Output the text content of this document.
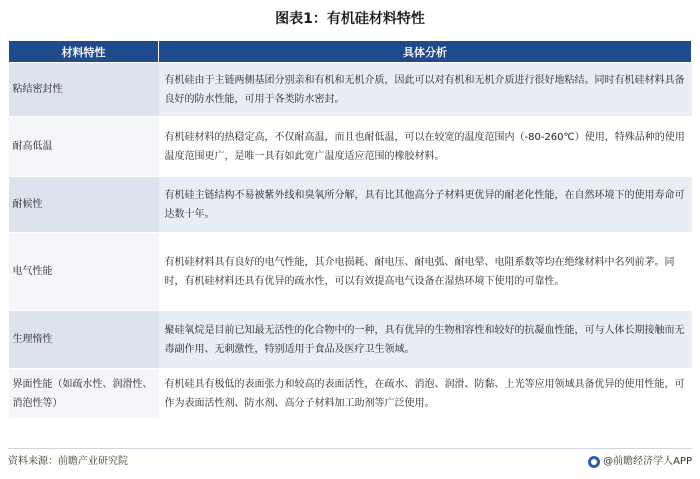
图表1：有机硅材料特性
材料特性	具体分析
粘结密封性	有机硅由于主链两侧基团分别亲和有机和无机介质，因此可以对有机和无机介质进行很好地粘结。同时有机硅材料具备良好的防水性能，可用于各类防水密封。
耐高低温	有机硅材料的热稳定高，不仅耐高温，而且也耐低温，可以在较宽的温度范围内（-80-260℃）使用，特殊品种的使用温度范围更广，是唯一具有如此宽广温度适应范围的橡胶材料。
耐候性	有机硅主链结构不易被紫外线和臭氧所分解，具有比其他高分子材料更优异的耐老化性能，在自然环境下的使用寿命可达数十年。
电气性能	有机硅材料具有良好的电气性能，其介电损耗、耐电压、耐电弧、耐电晕、电阻系数等均在绝缘材料中名列前茅。同时，有机硅材料还具有优异的疏水性，可以有效提高电气设备在湿热环境下使用的可靠性。
生理惰性	聚硅氧烷是目前已知最无活性的化合物中的一种，具有优异的生物相容性和较好的抗凝血性能，可与人体长期接触而无毒副作用、无刺激性，特别适用于食品及医疗卫生领域。
界面性能（如疏水性、润滑性、消泡性等）	有机硅具有极低的表面张力和较高的表面活性，在疏水、消泡、润滑、防黏、上光等应用领域具备优异的使用性能，可作为表面活性剂、防水剂、高分子材料加工助剂等广泛使用。
资料来源：前瞻产业研究院	@前瞻经济学人APP
